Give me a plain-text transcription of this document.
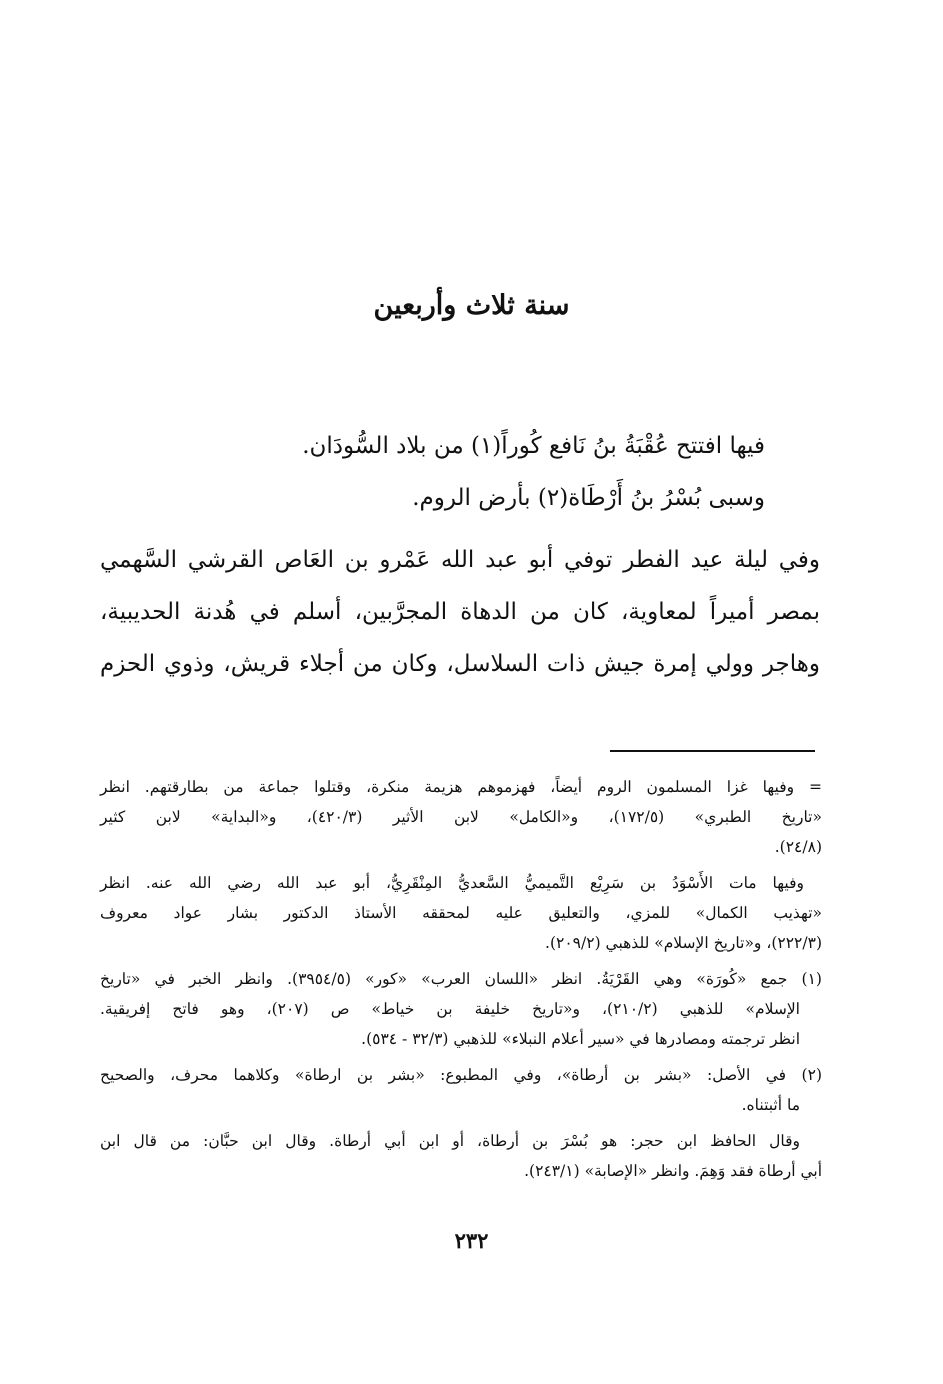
سنة ثلاث وأربعين
فيها افتتح عُقْبَةُ بنُ نَافع كُوراً(١) من بلاد السُّودَان.
وسبى بُسْرُ بنُ أَرْطَاة(٢) بأرض الروم.
وفي ليلة عيد الفطر توفي أبو عبد الله عَمْرو بن العَاص القرشي السَّهمي
بمصر أميراً لمعاوية، كان من الدهاة المجرَّبين، أسلم في هُدنة الحديبية،
وهاجر وولي إمرة جيش ذات السلاسل، وكان من أجلاء قريش، وذوي الحزم
= وفيها غزا المسلمون الروم أيضاً، فهزموهم هزيمة منكرة، وقتلوا جماعة من بطارقتهم. انظر
«تاريخ الطبري» (١٧٢/٥)، و«الكامل» لابن الأثير (٤٢٠/٣)، و«البداية» لابن كثير
(٢٤/٨).
وفيها مات الأَسْوَدُ بن سَرِيْع التَّميميُّ السَّعديُّ المِنْقَرِيُّ، أبو عبد الله رضي الله عنه. انظر
«تهذيب الكمال» للمزي، والتعليق عليه لمحققه الأستاذ الدكتور بشار عواد معروف
(٢٢٢/٣)، و«تاريخ الإسلام» للذهبي (٢٠٩/٢).
(١) جمع «كُورَة» وهي القَرْيَةُ. انظر «اللسان العرب» «كور» (٣٩٥٤/٥). وانظر الخبر في «تاريخ
الإسلام» للذهبي (٢١٠/٢)، و«تاريخ خليفة بن خياط» ص (٢٠٧)، وهو فاتح إفريقية.
انظر ترجمته ومصادرها في «سير أعلام النبلاء» للذهبي (٣٢/٣ - ٥٣٤).
(٢) في الأصل: «بشر بن أرطاة»، وفي المطبوع: «بشر بن ارطاة» وكلاهما محرف، والصحيح
ما أثبتناه.
وقال الحافظ ابن حجر: هو بُسْرَ بن أرطاة، أو ابن أبي أرطاة. وقال ابن حبَّان: من قال ابن
أبي أرطاة فقد وَهِمَ. وانظر «الإصابة» (٢٤٣/١).
٢٣٢
